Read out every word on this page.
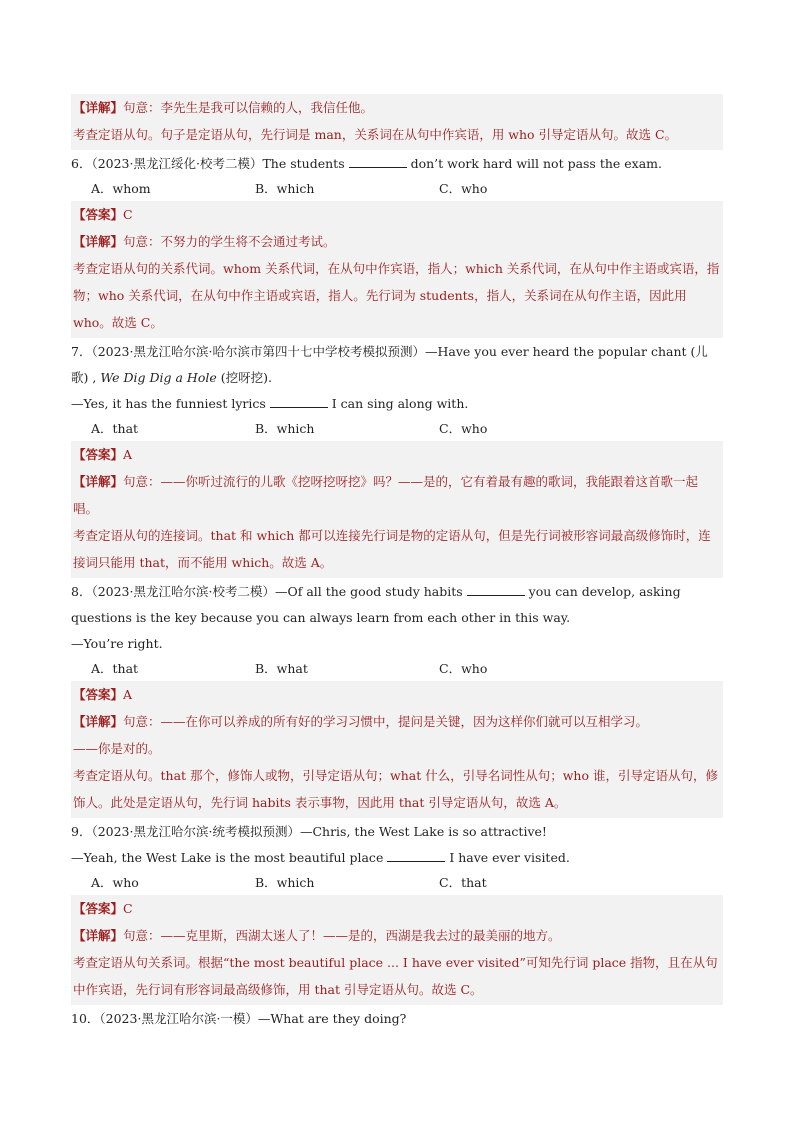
【详解】句意：李先生是我可以信赖的人，我信任他。
考查定语从句。句子是定语从句，先行词是 man，关系词在从句中作宾语，用 who 引导定语从句。故选 C。
6．（2023·黑龙江绥化·校考二模）The students	don’t work hard will not pass the exam.
A．whom	B．which	C．who
【答案】C
【详解】句意：不努力的学生将不会通过考试。
考查定语从句的关系代词。whom 关系代词，在从句中作宾语，指人；which 关系代词，在从句中作主语或宾语，指物；who 关系代词，在从句中作主语或宾语，指人。先行词为 students，指人，关系词在从句作主语，因此用 who。故选 C。
7．（2023·黑龙江哈尔滨·哈尔滨市第四十七中学校考模拟预测）—Have you ever heard the popular chant (儿
歌) , We Dig Dig a Hole (挖呀挖).
—Yes, it has the funniest lyrics	I can sing along with.
A．that	B．which	C．who
【答案】A
【详解】句意：——你听过流行的儿歌《挖呀挖呀挖》吗？——是的，它有着最有趣的歌词，我能跟着这首歌一起唱。
考查定语从句的连接词。that 和 which 都可以连接先行词是物的定语从句，但是先行词被形容词最高级修饰时，连接词只能用 that，而不能用 which。故选 A。
8．（2023·黑龙江哈尔滨·校考二模）—Of all the good study habits	you can develop, asking
questions is the key because you can always learn from each other in this way.
—You’re right.
A．that	B．what	C．who
【答案】A
【详解】句意：——在你可以养成的所有好的学习习惯中，提问是关键，因为这样你们就可以互相学习。
——你是对的。
考查定语从句。that 那个，修饰人或物，引导定语从句；what 什么，引导名词性从句；who 谁，引导定语从句，修饰人。此处是定语从句，先行词 habits 表示事物，因此用 that 引导定语从句，故选 A。
9．（2023·黑龙江哈尔滨·统考模拟预测）—Chris, the West Lake is so attractive!
—Yeah, the West Lake is the most beautiful place	I have ever visited.
A．who	B．which	C．that
【答案】C
【详解】句意：——克里斯，西湖太迷人了！——是的，西湖是我去过的最美丽的地方。
考查定语从句关系词。根据“the most beautiful place ... I have ever visited”可知先行词 place 指物，且在从句中作宾语，先行词有形容词最高级修饰，用 that 引导定语从句。故选 C。
10．（2023·黑龙江哈尔滨·一模）—What are they doing?
